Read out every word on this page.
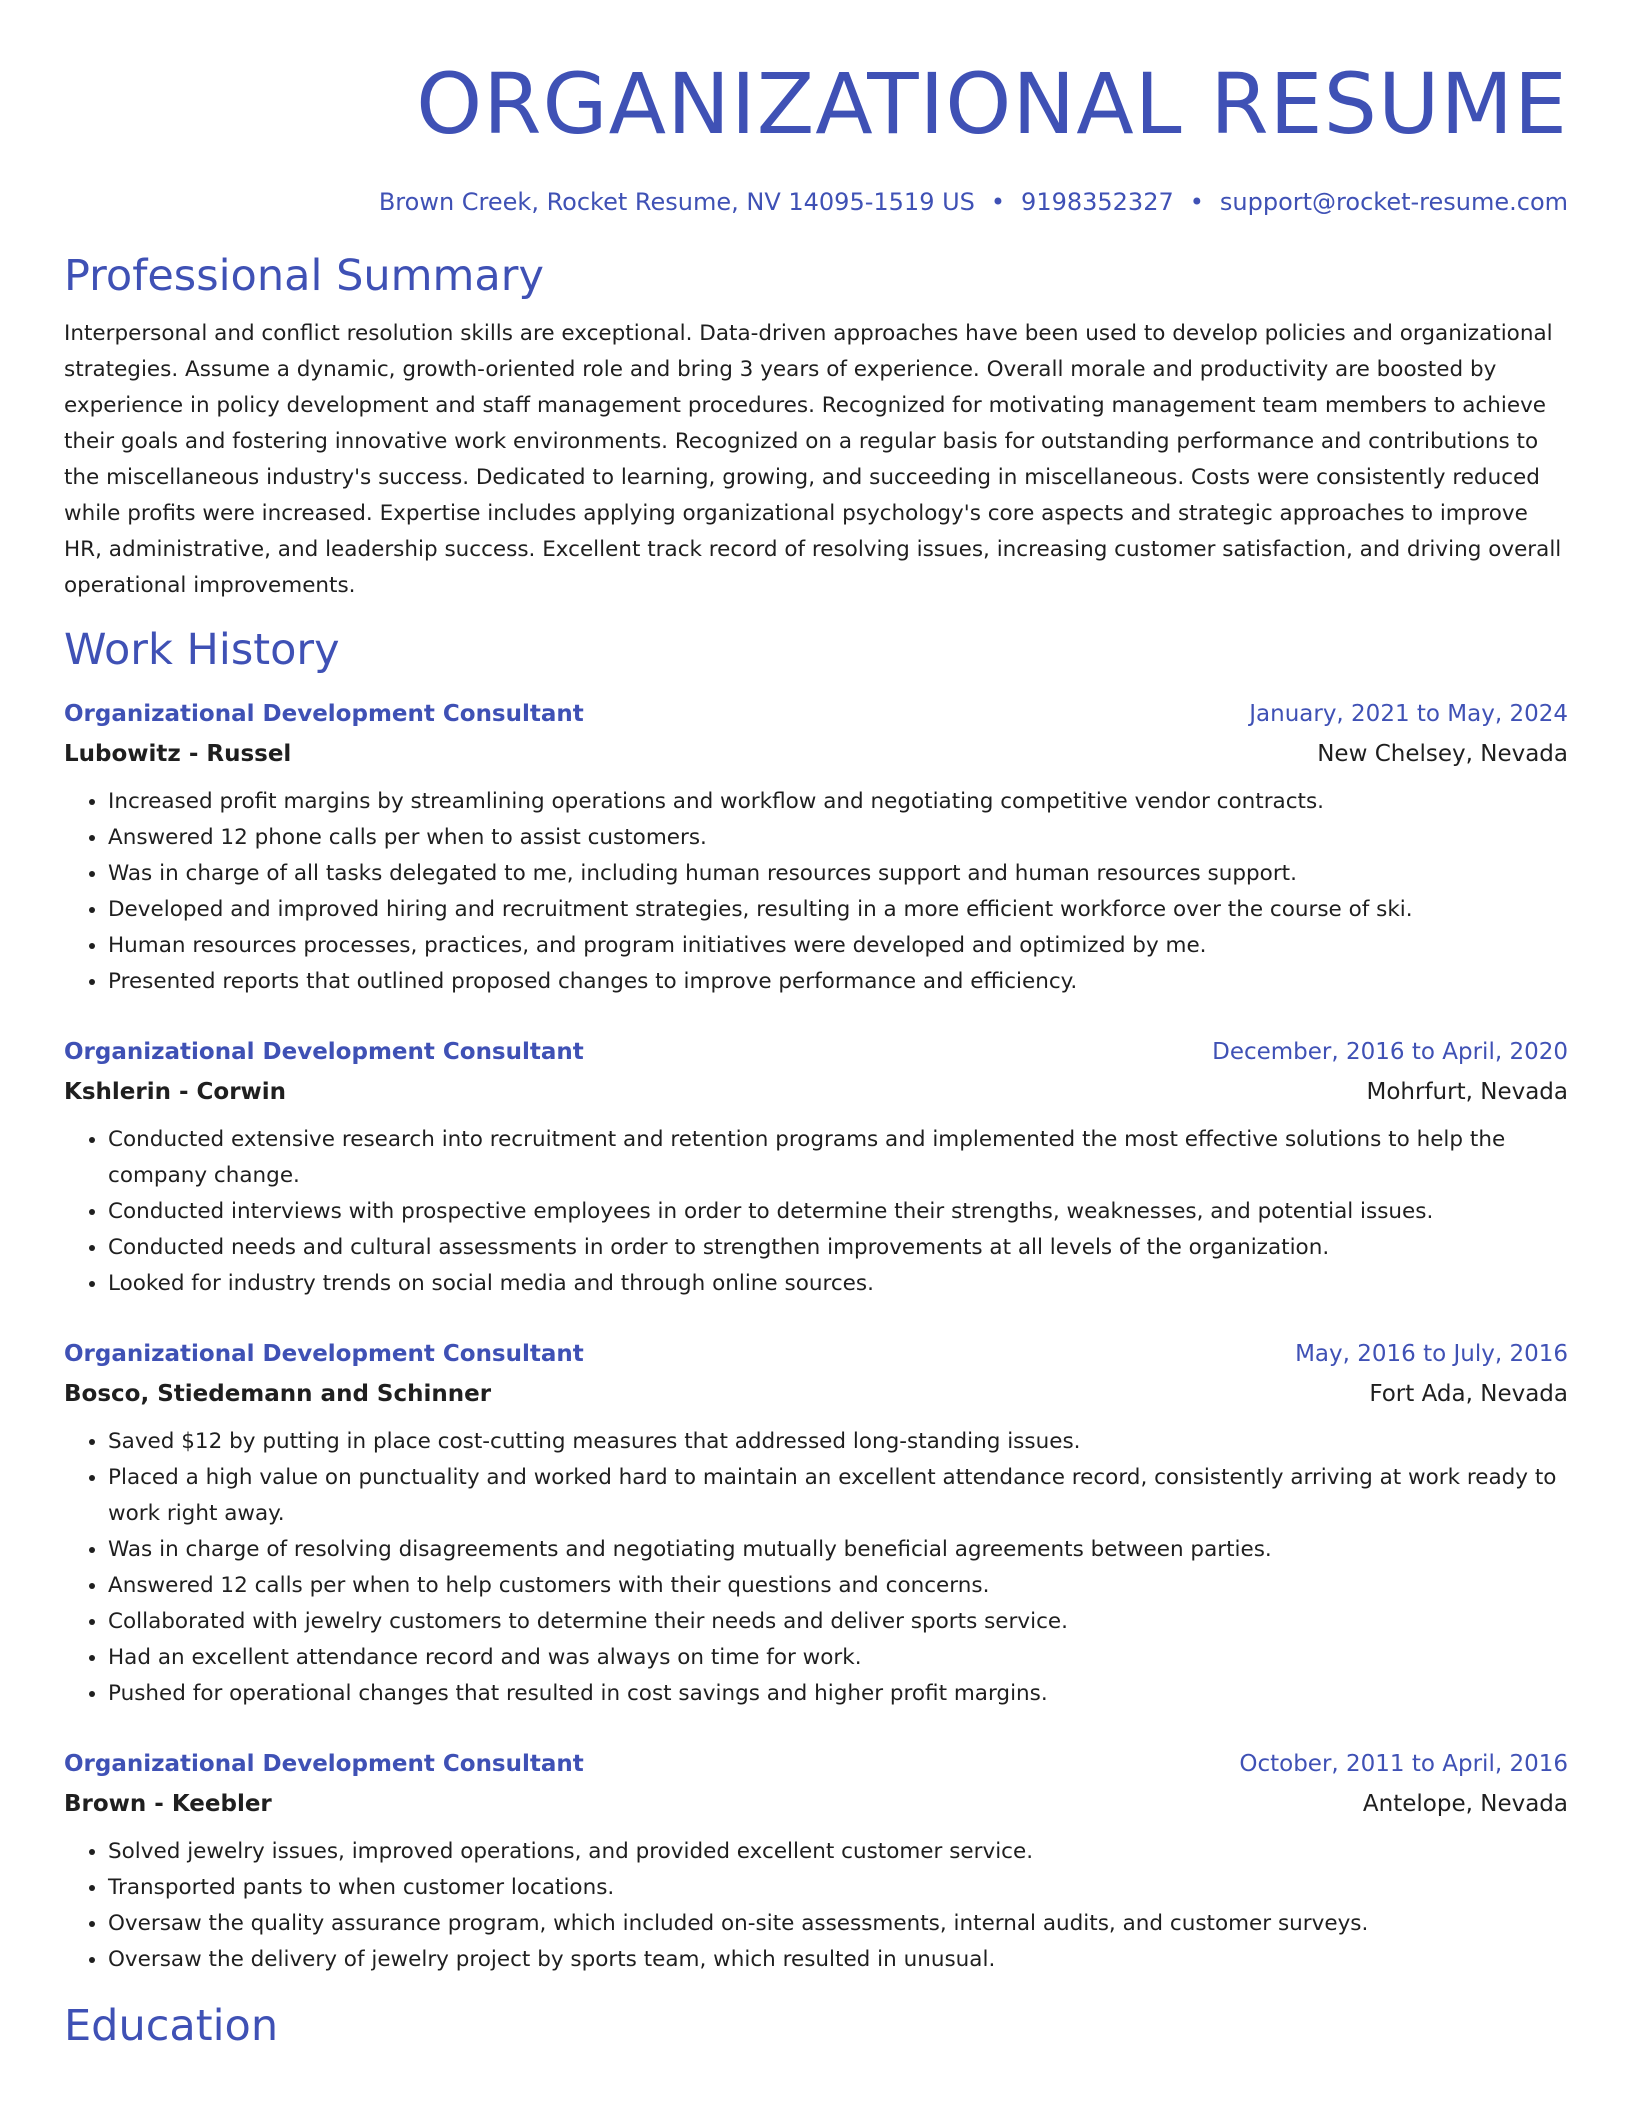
ORGANIZATIONAL RESUME
Brown Creek, Rocket Resume, NV 14095-1519 US • 9198352327 • support@rocket-resume.com
Professional Summary
Interpersonal and conflict resolution skills are exceptional. Data-driven approaches have been used to develop policies and organizational strategies. Assume a dynamic, growth-oriented role and bring 3 years of experience. Overall morale and productivity are boosted by experience in policy development and staff management procedures. Recognized for motivating management team members to achieve their goals and fostering innovative work environments. Recognized on a regular basis for outstanding performance and contributions to the miscellaneous industry's success. Dedicated to learning, growing, and succeeding in miscellaneous. Costs were consistently reduced while profits were increased. Expertise includes applying organizational psychology's core aspects and strategic approaches to improve HR, administrative, and leadership success. Excellent track record of resolving issues, increasing customer satisfaction, and driving overall operational improvements.
Work History
Organizational Development Consultant	January, 2021 to May, 2024
Lubowitz - Russel	New Chelsey, Nevada
• Increased profit margins by streamlining operations and workflow and negotiating competitive vendor contracts.
• Answered 12 phone calls per when to assist customers.
• Was in charge of all tasks delegated to me, including human resources support and human resources support.
• Developed and improved hiring and recruitment strategies, resulting in a more efficient workforce over the course of ski.
• Human resources processes, practices, and program initiatives were developed and optimized by me.
• Presented reports that outlined proposed changes to improve performance and efficiency.
Organizational Development Consultant	December, 2016 to April, 2020
Kshlerin - Corwin	Mohrfurt, Nevada
• Conducted extensive research into recruitment and retention programs and implemented the most effective solutions to help the company change.
• Conducted interviews with prospective employees in order to determine their strengths, weaknesses, and potential issues.
• Conducted needs and cultural assessments in order to strengthen improvements at all levels of the organization.
• Looked for industry trends on social media and through online sources.
Organizational Development Consultant	May, 2016 to July, 2016
Bosco, Stiedemann and Schinner	Fort Ada, Nevada
• Saved $12 by putting in place cost-cutting measures that addressed long-standing issues.
• Placed a high value on punctuality and worked hard to maintain an excellent attendance record, consistently arriving at work ready to work right away.
• Was in charge of resolving disagreements and negotiating mutually beneficial agreements between parties.
• Answered 12 calls per when to help customers with their questions and concerns.
• Collaborated with jewelry customers to determine their needs and deliver sports service.
• Had an excellent attendance record and was always on time for work.
• Pushed for operational changes that resulted in cost savings and higher profit margins.
Organizational Development Consultant	October, 2011 to April, 2016
Brown - Keebler	Antelope, Nevada
• Solved jewelry issues, improved operations, and provided excellent customer service.
• Transported pants to when customer locations.
• Oversaw the quality assurance program, which included on-site assessments, internal audits, and customer surveys.
• Oversaw the delivery of jewelry project by sports team, which resulted in unusual.
Education
